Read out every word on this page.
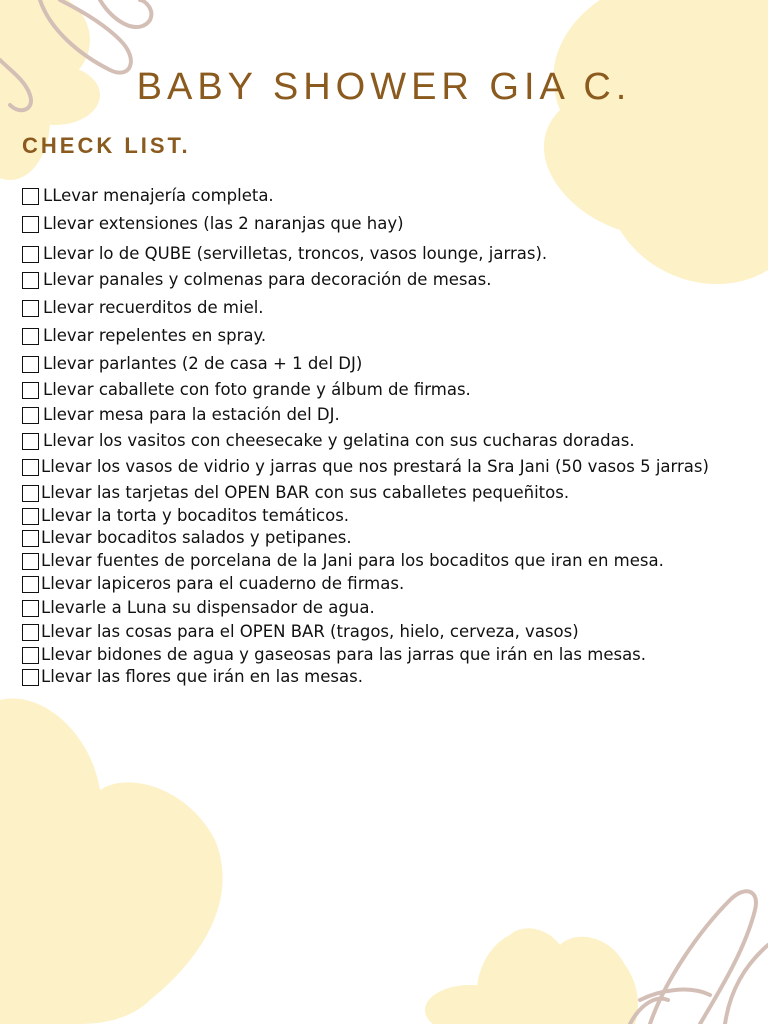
BABY SHOWER GIA C.
CHECK LIST.
LLevar menajería completa.
Llevar extensiones (las 2 naranjas que hay)
Llevar lo de QUBE (servilletas, troncos, vasos lounge, jarras).
Llevar panales y colmenas para decoración de mesas.
Llevar recuerditos de miel.
Llevar repelentes en spray.
Llevar parlantes (2 de casa + 1 del DJ)
Llevar caballete con foto grande y álbum de firmas.
Llevar mesa para la estación del DJ.
Llevar los vasitos con cheesecake y gelatina con sus cucharas doradas.
Llevar los vasos de vidrio y jarras que nos prestará la Sra Jani (50 vasos 5 jarras)
Llevar las tarjetas del OPEN BAR con sus caballetes pequeñitos.
Llevar la torta y bocaditos temáticos.
Llevar bocaditos salados y petipanes.
Llevar fuentes de porcelana de la Jani para los bocaditos que iran en mesa.
Llevar lapiceros para el cuaderno de firmas.
Llevarle a Luna su dispensador de agua.
Llevar las cosas para el OPEN BAR (tragos, hielo, cerveza, vasos)
Llevar bidones de agua y gaseosas para las jarras que irán en las mesas.
Llevar las flores que irán en las mesas.
